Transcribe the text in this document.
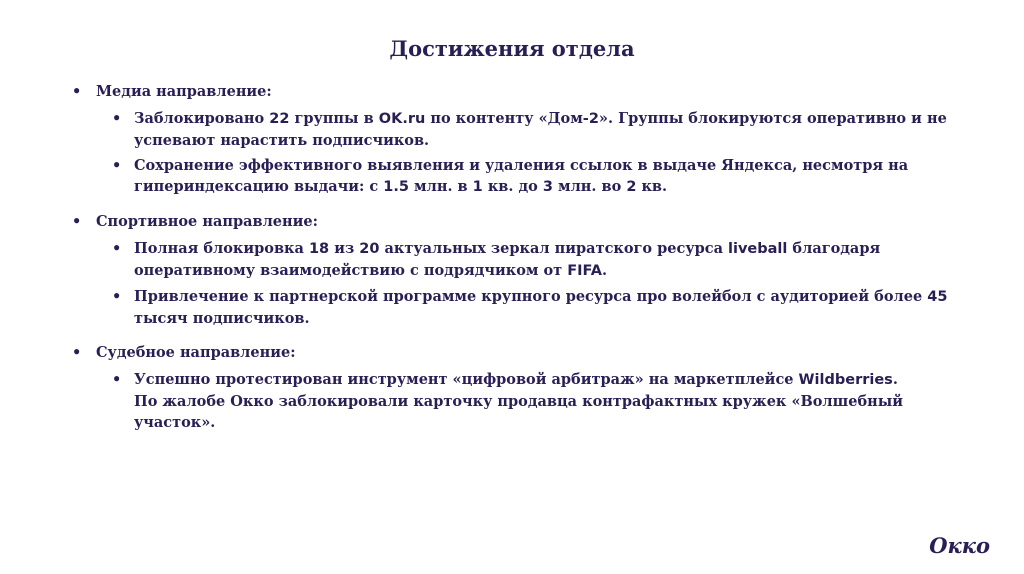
Достижения отдела
• Медиа направление:
• Заблокировано 22 группы в OK.ru по контенту «Дом-2». Группы блокируются оперативно и не
успевают нарастить подписчиков.
• Сохранение эффективного выявления и удаления ссылок в выдаче Яндекса, несмотря на
гипериндексацию выдачи: с 1.5 млн. в 1 кв. до 3 млн. во 2 кв.
• Спортивное направление:
• Полная блокировка 18 из 20 актуальных зеркал пиратского ресурса liveball благодаря
оперативному взаимодействию с подрядчиком от FIFA.
• Привлечение к партнерской программе крупного ресурса про волейбол с аудиторией более 45
тысяч подписчиков.
• Судебное направление:
• Успешно протестирован инструмент «цифровой арбитраж» на маркетплейсе Wildberries.
По жалобе Окко заблокировали карточку продавца контрафактных кружек «Волшебный
участок».
Окко
